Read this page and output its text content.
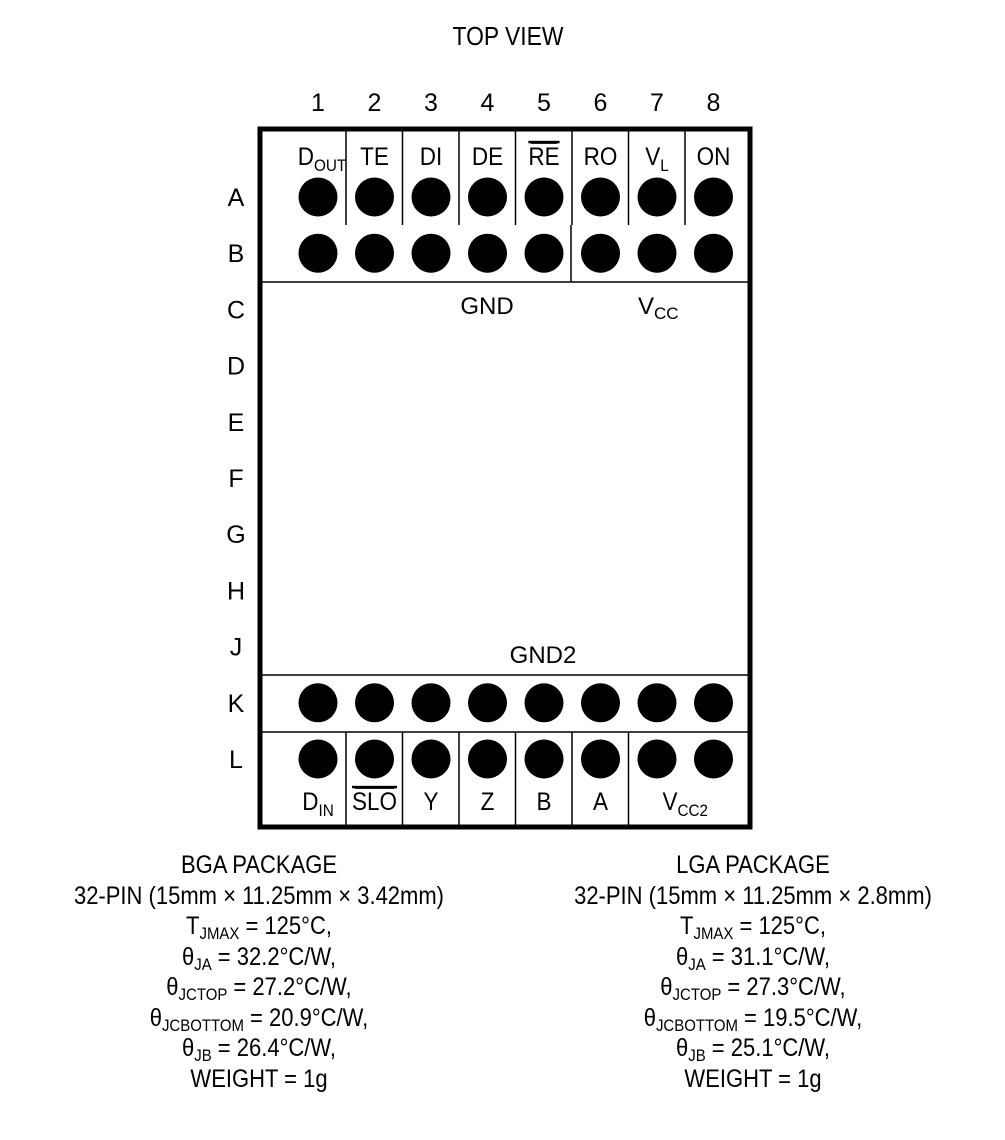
TOP VIEW
1 2 3 4 5 6 7 8
A
B
C
D
E
F
G
H
J
K
L
$D_{OUT}$ TE DI DE RE RO $V_L$ ON
$D_{IN}$ SLO Y Z B A $V_{CC2}$
GND	$V_{CC}$
GND2
BGA PACKAGE
32-PIN (15mm × 11.25mm × 3.42mm)
$T_{JMAX} = 125^\circ C$,
$\theta_{JA} = 32.2^\circ C/W$,
$\theta_{JCTOP} = 27.2^\circ C/W$,
$\theta_{JCBOTTOM} = 20.9^\circ C/W$,
$\theta_{JB} = 26.4^\circ C/W$,
WEIGHT = 1g
LGA PACKAGE
32-PIN (15mm × 11.25mm × 2.8mm)
$T_{JMAX} = 125^\circ C$,
$\theta_{JA} = 31.1^\circ C/W$,
$\theta_{JCTOP} = 27.3^\circ C/W$,
$\theta_{JCBOTTOM} = 19.5^\circ C/W$,
$\theta_{JB} = 25.1^\circ C/W$,
WEIGHT = 1g
